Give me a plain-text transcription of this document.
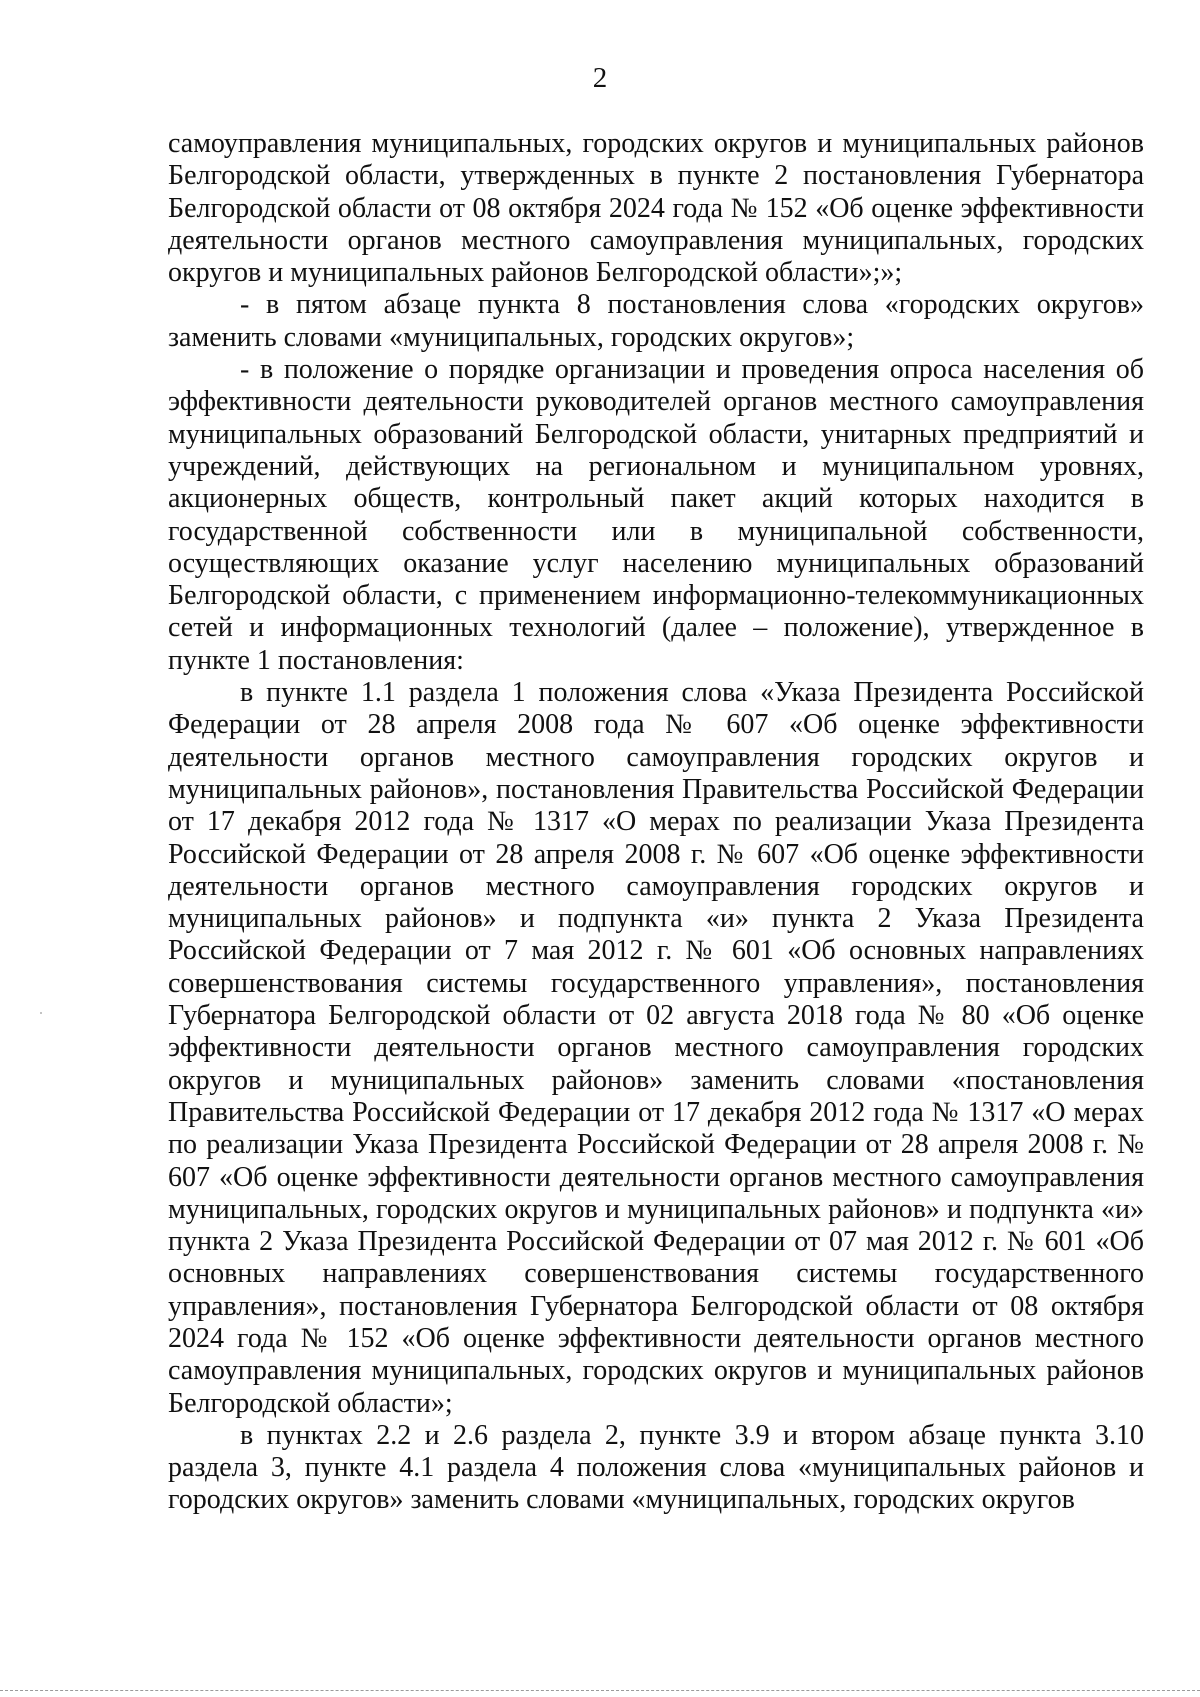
2

самоуправления муниципальных, городских округов и муниципальных районов Белгородской области, утвержденных в пункте 2 постановления Губернатора Белгородской области от 08 октября 2024 года № 152 «Об оценке эффективности деятельности органов местного самоуправления муниципальных, городских округов и муниципальных районов Белгородской области»;»;

- в пятом абзаце пункта 8 постановления слова «городских округов» заменить словами «муниципальных, городских округов»;

- в положение о порядке организации и проведения опроса населения об эффективности деятельности руководителей органов местного самоуправления муниципальных образований Белгородской области, унитарных предприятий и учреждений, действующих на региональном и муниципальном уровнях, акционерных обществ, контрольный пакет акций которых находится в государственной собственности или в муниципальной собственности, осуществляющих оказание услуг населению муниципальных образований Белгородской области, с применением информационно-телекоммуникационных сетей и информационных технологий (далее – положение), утвержденное в пункте 1 постановления:

в пункте 1.1 раздела 1 положения слова «Указа Президента Российской Федерации от 28 апреля 2008 года № 607 «Об оценке эффективности деятельности органов местного самоуправления городских округов и муниципальных районов», постановления Правительства Российской Федерации от 17 декабря 2012 года № 1317 «О мерах по реализации Указа Президента Российской Федерации от 28 апреля 2008 г. № 607 «Об оценке эффективности деятельности органов местного самоуправления городских округов и муниципальных районов» и подпункта «и» пункта 2 Указа Президента Российской Федерации от 7 мая 2012 г. № 601 «Об основных направлениях совершенствования системы государственного управления», постановления Губернатора Белгородской области от 02 августа 2018 года № 80 «Об оценке эффективности деятельности органов местного самоуправления городских округов и муниципальных районов» заменить словами «постановления Правительства Российской Федерации от 17 декабря 2012 года № 1317 «О мерах по реализации Указа Президента Российской Федерации от 28 апреля 2008 г. № 607 «Об оценке эффективности деятельности органов местного самоуправления муниципальных, городских округов и муниципальных районов» и подпункта «и» пункта 2 Указа Президента Российской Федерации от 07 мая 2012 г. № 601 «Об основных направлениях совершенствования системы государственного управления», постановления Губернатора Белгородской области от 08 октября 2024 года № 152 «Об оценке эффективности деятельности органов местного самоуправления муниципальных, городских округов и муниципальных районов Белгородской области»;

в пунктах 2.2 и 2.6 раздела 2, пункте 3.9 и втором абзаце пункта 3.10 раздела 3, пункте 4.1 раздела 4 положения слова «муниципальных районов и городских округов» заменить словами «муниципальных, городских округов
